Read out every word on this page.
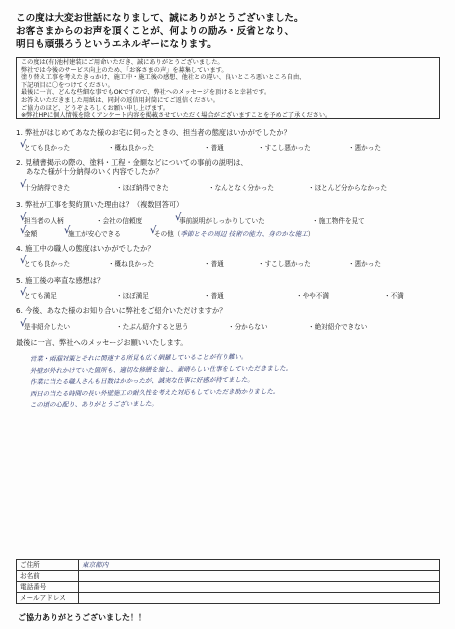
この度は大変お世話になりまして、誠にありがとうございました。
お客さまからのお声を頂くことが、何よりの励み・反省となり、
明日も頑張ろうというエネルギーになります。
この度は(有)池村建装にご用命いただき、誠にありがとうございました。
弊社では今後のサービス向上のため、「お客さまの声」を募集しています。
塗り替え工事を考えたきっかけ、施工中・施工後の感想、他社との違い、良いところ悪いところ自由、
下記項目に〇をつけてください。
最後に一言、どんな些細な事でもOKですので、弊社へのメッセージを頂けると幸甚です。
お答えいただきました用紙は、同封の返信用封筒にてご返信ください。
ご協力のほど、どうぞよろしくお願い申し上げます。
※弊社HPに個人情報を除くアンケート内容を掲載させていただく場合がございますことを予めご了承ください。
1. 弊社がはじめてあなた様のお宅に伺ったときの、担当者の態度はいかがでしたか？
√
とても良かった	・概ね良かった	・普通	・すこし悪かった	・悪かった
2. 見積書掲示の際の、塗料・工程・金額などについての事前の説明は、
あなた様が十分納得のいく内容でしたか？
√
十分納得できた	・ほぼ納得できた	・なんとなく分かった	・ほとんど分からなかった
3. 弊社が工事を契約頂いた理由は？（複数回答可）
√
担当者の人柄	・会社の信頼度	√
事前説明がしっかりしていた	・施工物件を見て
√
金額	√
施工が安心できる	√
その他（季節とその周辺 技術の能力、身のかな施工）
4. 施工中の職人の態度はいかがでしたか？
√
とても良かった	・概ね良かった	・普通	・すこし悪かった	・悪かった
5. 施工後の率直な感想は？
√
とても満足	・ほぼ満足	・普通	・やや不満	・不満
6. 今後、あなた様のお知り合いに弊社をご紹介いただけますか？
√
是非紹介したい	・たぶん紹介すると思う	・分からない	・絶対紹介できない
最後に一言、弊社へのメッセージお願いいたします。
営業・雨漏対策とそれに関連する所見も広く網羅していることが有り難い。
外壁が外れかけていた箇所も、適切な修繕を施し、素晴らしい仕事をしていただきました。
作業に当たる職人さんも日数はかかったが、誠実な仕事に好感が持てました。
西日の当たる時間の長い外壁施工の耐久性を考えた対応もしていただき助かりました。
この頃の心配り、ありがとうございました。
ご住所	東京都内
お名前	
電話番号	
メールアドレス	
ご協力ありがとうございました！！
